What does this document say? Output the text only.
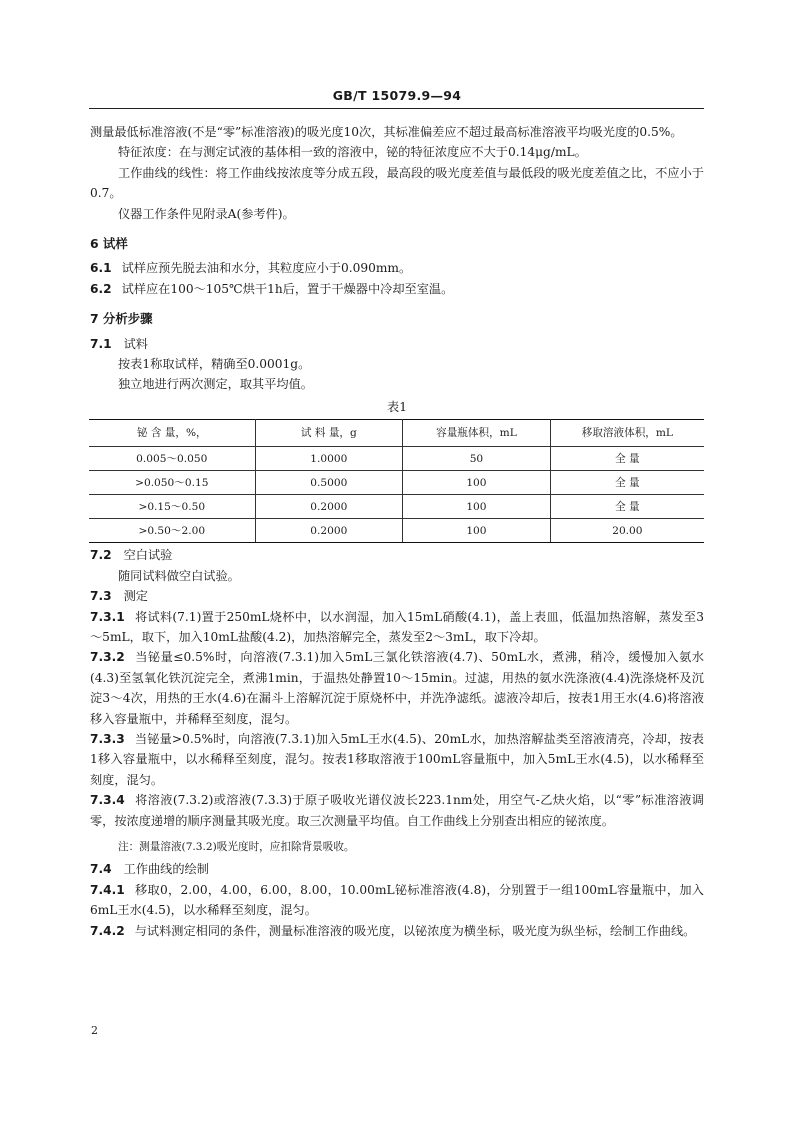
GB/T 15079.9—94

测量最低标准溶液(不是“零”标准溶液)的吸光度10次，其标准偏差应不超过最高标准溶液平均吸光度的0.5%。

特征浓度：在与测定试液的基体相一致的溶液中，铋的特征浓度应不大于0.14μg/mL。

工作曲线的线性：将工作曲线按浓度等分成五段，最高段的吸光度差值与最低段的吸光度差值之比，不应小于0.7。

仪器工作条件见附录A(参考件)。

6 试样

6.1 试样应预先脱去油和水分，其粒度应小于0.090mm。

6.2 试样应在100～105℃烘干1h后，置于干燥器中冷却至室温。

7 分析步骤

7.1 试料

按表1称取试样，精确至0.0001g。

独立地进行两次测定，取其平均值。

表1
铋 含 量，%，	试 料 量，g	容量瓶体积，mL	移取溶液体积，mL
0.005～0.050	1.0000	50	全 量
>0.050～0.15	0.5000	100	全 量
>0.15～0.50	0.2000	100	全 量
>0.50～2.00	0.2000	100	20.00

7.2 空白试验

随同试料做空白试验。

7.3 测定

7.3.1 将试料(7.1)置于250mL烧杯中，以水润湿，加入15mL硝酸(4.1)，盖上表皿，低温加热溶解，蒸发至3～5mL，取下，加入10mL盐酸(4.2)，加热溶解完全，蒸发至2～3mL，取下冷却。

7.3.2 当铋量≤0.5%时，向溶液(7.3.1)加入5mL三氯化铁溶液(4.7)、50mL水，煮沸，稍冷，缓慢加入氨水(4.3)至氢氧化铁沉淀完全，煮沸1min，于温热处静置10～15min。过滤，用热的氨水洗涤液(4.4)洗涤烧杯及沉淀3～4次，用热的王水(4.6)在漏斗上溶解沉淀于原烧杯中，并洗净滤纸。滤液冷却后，按表1用王水(4.6)将溶液移入容量瓶中，并稀释至刻度，混匀。

7.3.3 当铋量>0.5%时，向溶液(7.3.1)加入5mL王水(4.5)、20mL水，加热溶解盐类至溶液清亮，冷却，按表1移入容量瓶中，以水稀释至刻度，混匀。按表1移取溶液于100mL容量瓶中，加入5mL王水(4.5)，以水稀释至刻度，混匀。

7.3.4 将溶液(7.3.2)或溶液(7.3.3)于原子吸收光谱仪波长223.1nm处，用空气-乙炔火焰，以“零”标准溶液调零，按浓度递增的顺序测量其吸光度。取三次测量平均值。自工作曲线上分别查出相应的铋浓度。

注：测量溶液(7.3.2)吸光度时，应扣除背景吸收。

7.4 工作曲线的绘制

7.4.1 移取0，2.00，4.00，6.00，8.00，10.00mL铋标准溶液(4.8)，分别置于一组100mL容量瓶中，加入6mL王水(4.5)，以水稀释至刻度，混匀。

7.4.2 与试料测定相同的条件，测量标准溶液的吸光度，以铋浓度为横坐标，吸光度为纵坐标，绘制工作曲线。

2
